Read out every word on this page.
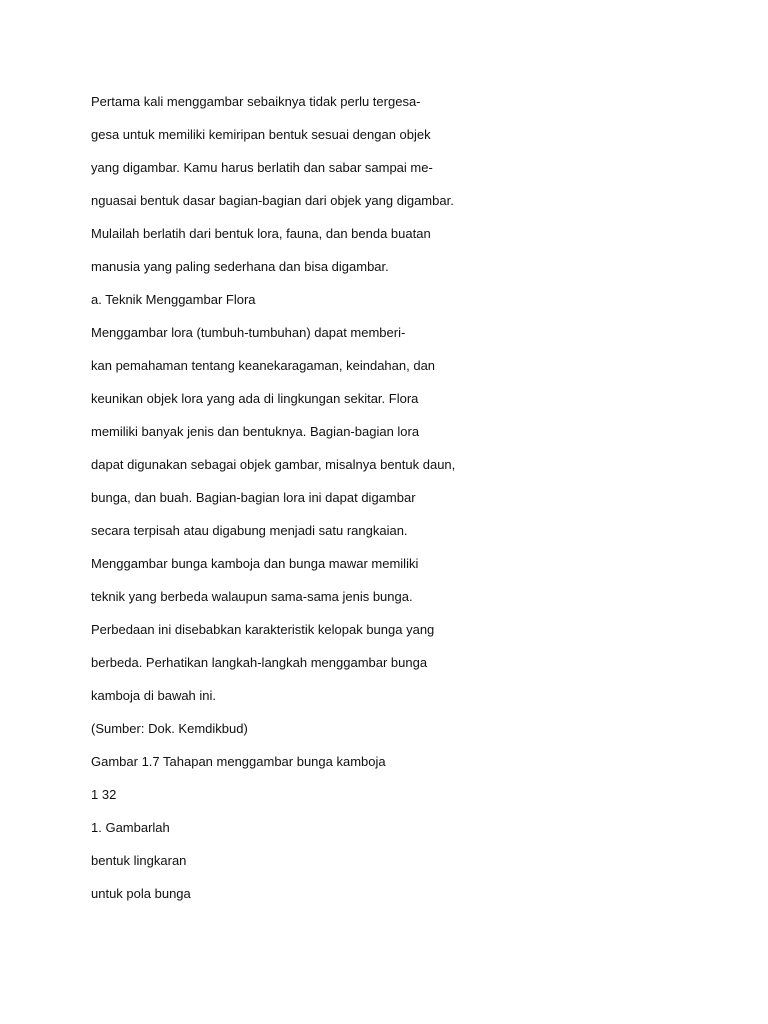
Pertama kali menggambar sebaiknya tidak perlu tergesa-
gesa untuk memiliki kemiripan bentuk sesuai dengan objek
yang digambar. Kamu harus berlatih dan sabar sampai me-
nguasai bentuk dasar bagian-bagian dari objek yang digambar.
Mulailah berlatih dari bentuk lora, fauna, dan benda buatan
manusia yang paling sederhana dan bisa digambar.
a. Teknik Menggambar Flora
Menggambar lora (tumbuh-tumbuhan) dapat memberi-
kan pemahaman tentang keanekaragaman, keindahan, dan
keunikan objek lora yang ada di lingkungan sekitar. Flora
memiliki banyak jenis dan bentuknya. Bagian-bagian lora
dapat digunakan sebagai objek gambar, misalnya bentuk daun,
bunga, dan buah. Bagian-bagian lora ini dapat digambar
secara terpisah atau digabung menjadi satu rangkaian.
Menggambar bunga kamboja dan bunga mawar memiliki
teknik yang berbeda walaupun sama-sama jenis bunga.
Perbedaan ini disebabkan karakteristik kelopak bunga yang
berbeda. Perhatikan langkah-langkah menggambar bunga
kamboja di bawah ini.
(Sumber: Dok. Kemdikbud)
Gambar 1.7 Tahapan menggambar bunga kamboja
1 32
1. Gambarlah
bentuk lingkaran
untuk pola bunga
